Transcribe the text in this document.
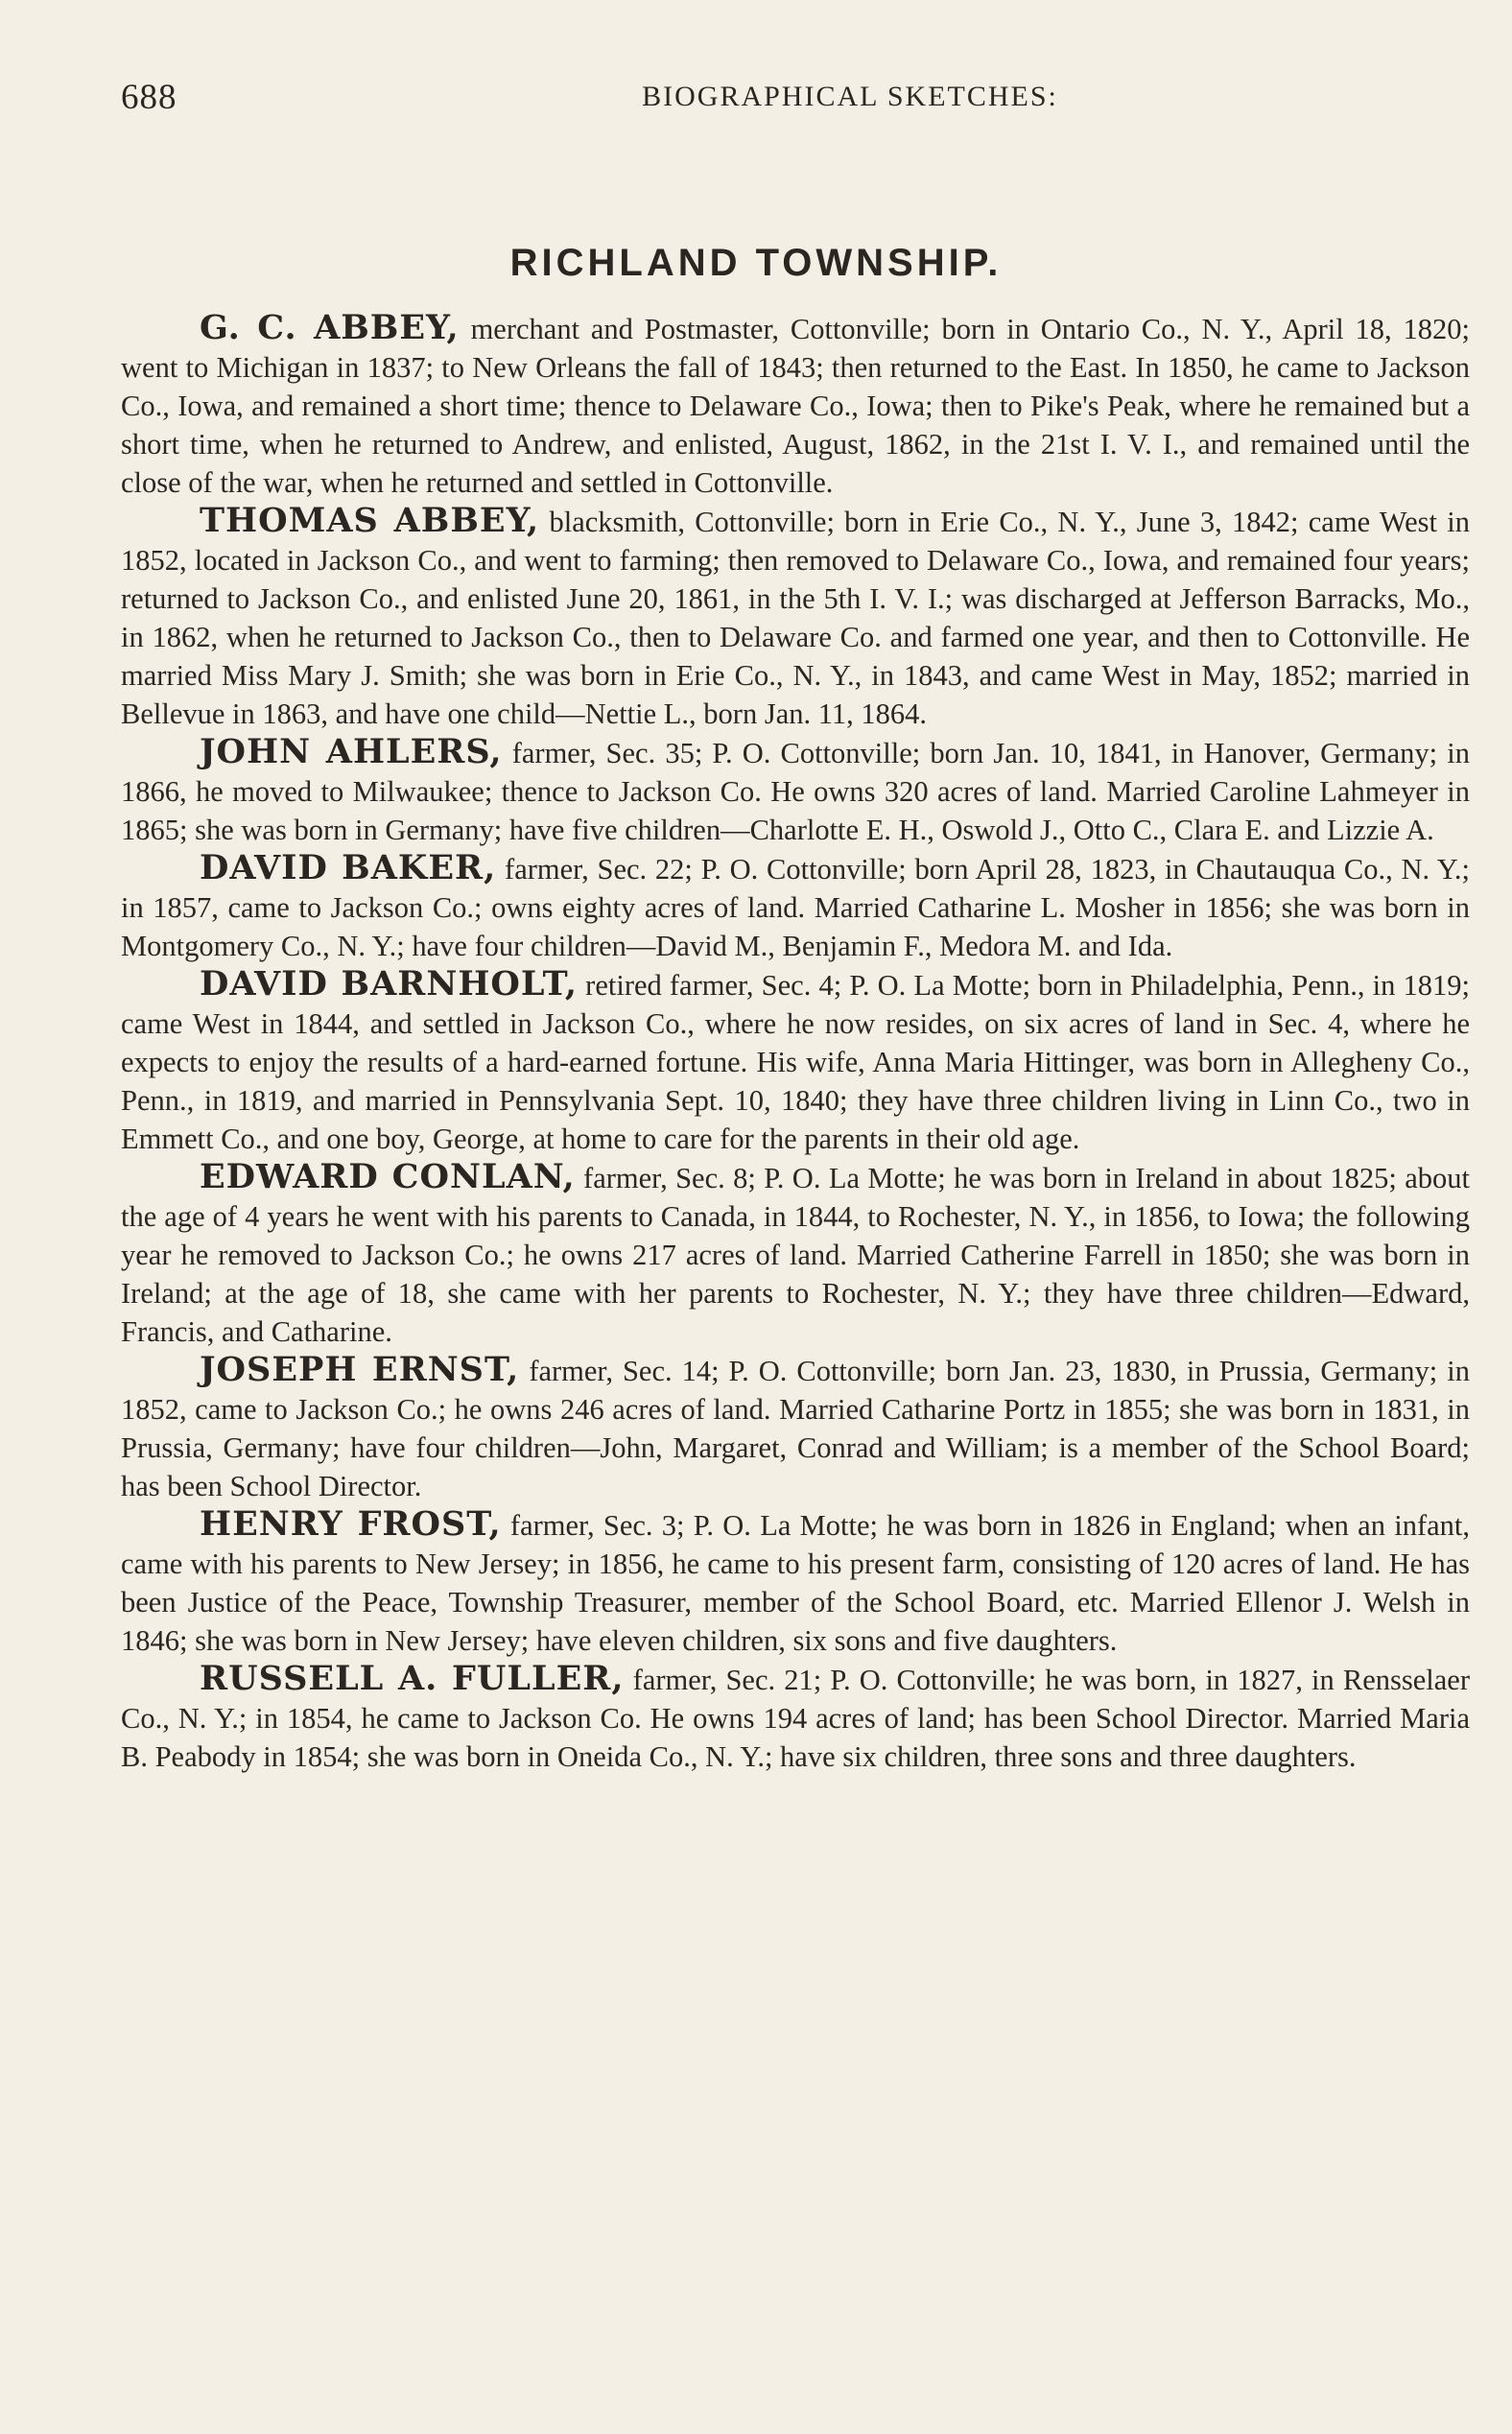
688	BIOGRAPHICAL SKETCHES:
RICHLAND TOWNSHIP.

G. C. ABBEY, merchant and Postmaster, Cottonville; born in Ontario Co., N. Y., April 18, 1820; went to Michigan in 1837; to New Orleans the fall of 1843; then returned to the East. In 1850, he came to Jackson Co., Iowa, and remained a short time; thence to Delaware Co., Iowa; then to Pike's Peak, where he remained but a short time, when he returned to Andrew, and enlisted, August, 1862, in the 21st I. V. I., and remained until the close of the war, when he returned and settled in Cottonville.

THOMAS ABBEY, blacksmith, Cottonville; born in Erie Co., N. Y., June 3, 1842; came West in 1852, located in Jackson Co., and went to farming; then removed to Delaware Co., Iowa, and remained four years; returned to Jackson Co., and enlisted June 20, 1861, in the 5th I. V. I.; was discharged at Jefferson Barracks, Mo., in 1862, when he returned to Jackson Co., then to Delaware Co. and farmed one year, and then to Cottonville. He married Miss Mary J. Smith; she was born in Erie Co., N. Y., in 1843, and came West in May, 1852; married in Bellevue in 1863, and have one child—Nettie L., born Jan. 11, 1864.

JOHN AHLERS, farmer, Sec. 35; P. O. Cottonville; born Jan. 10, 1841, in Hanover, Germany; in 1866, he moved to Milwaukee; thence to Jackson Co. He owns 320 acres of land. Married Caroline Lahmeyer in 1865; she was born in Germany; have five children—Charlotte E. H., Oswold J., Otto C., Clara E. and Lizzie A.

DAVID BAKER, farmer, Sec. 22; P. O. Cottonville; born April 28, 1823, in Chautauqua Co., N. Y.; in 1857, came to Jackson Co.; owns eighty acres of land. Married Catharine L. Mosher in 1856; she was born in Montgomery Co., N. Y.; have four children—David M., Benjamin F., Medora M. and Ida.

DAVID BARNHOLT, retired farmer, Sec. 4; P. O. La Motte; born in Philadelphia, Penn., in 1819; came West in 1844, and settled in Jackson Co., where he now resides, on six acres of land in Sec. 4, where he expects to enjoy the results of a hard-earned fortune. His wife, Anna Maria Hittinger, was born in Allegheny Co., Penn., in 1819, and married in Pennsylvania Sept. 10, 1840; they have three children living in Linn Co., two in Emmett Co., and one boy, George, at home to care for the parents in their old age.

EDWARD CONLAN, farmer, Sec. 8; P. O. La Motte; he was born in Ireland in about 1825; about the age of 4 years he went with his parents to Canada, in 1844, to Rochester, N. Y., in 1856, to Iowa; the following year he removed to Jackson Co.; he owns 217 acres of land. Married Catherine Farrell in 1850; she was born in Ireland; at the age of 18, she came with her parents to Rochester, N. Y.; they have three children—Edward, Francis, and Catharine.

JOSEPH ERNST, farmer, Sec. 14; P. O. Cottonville; born Jan. 23, 1830, in Prussia, Germany; in 1852, came to Jackson Co.; he owns 246 acres of land. Married Catharine Portz in 1855; she was born in 1831, in Prussia, Germany; have four children—John, Margaret, Conrad and William; is a member of the School Board; has been School Director.

HENRY FROST, farmer, Sec. 3; P. O. La Motte; he was born in 1826 in England; when an infant, came with his parents to New Jersey; in 1856, he came to his present farm, consisting of 120 acres of land. He has been Justice of the Peace, Township Treasurer, member of the School Board, etc. Married Ellenor J. Welsh in 1846; she was born in New Jersey; have eleven children, six sons and five daughters.

RUSSELL A. FULLER, farmer, Sec. 21; P. O. Cottonville; he was born, in 1827, in Rensselaer Co., N. Y.; in 1854, he came to Jackson Co. He owns 194 acres of land; has been School Director. Married Maria B. Peabody in 1854; she was born in Oneida Co., N. Y.; have six children, three sons and three daughters.
